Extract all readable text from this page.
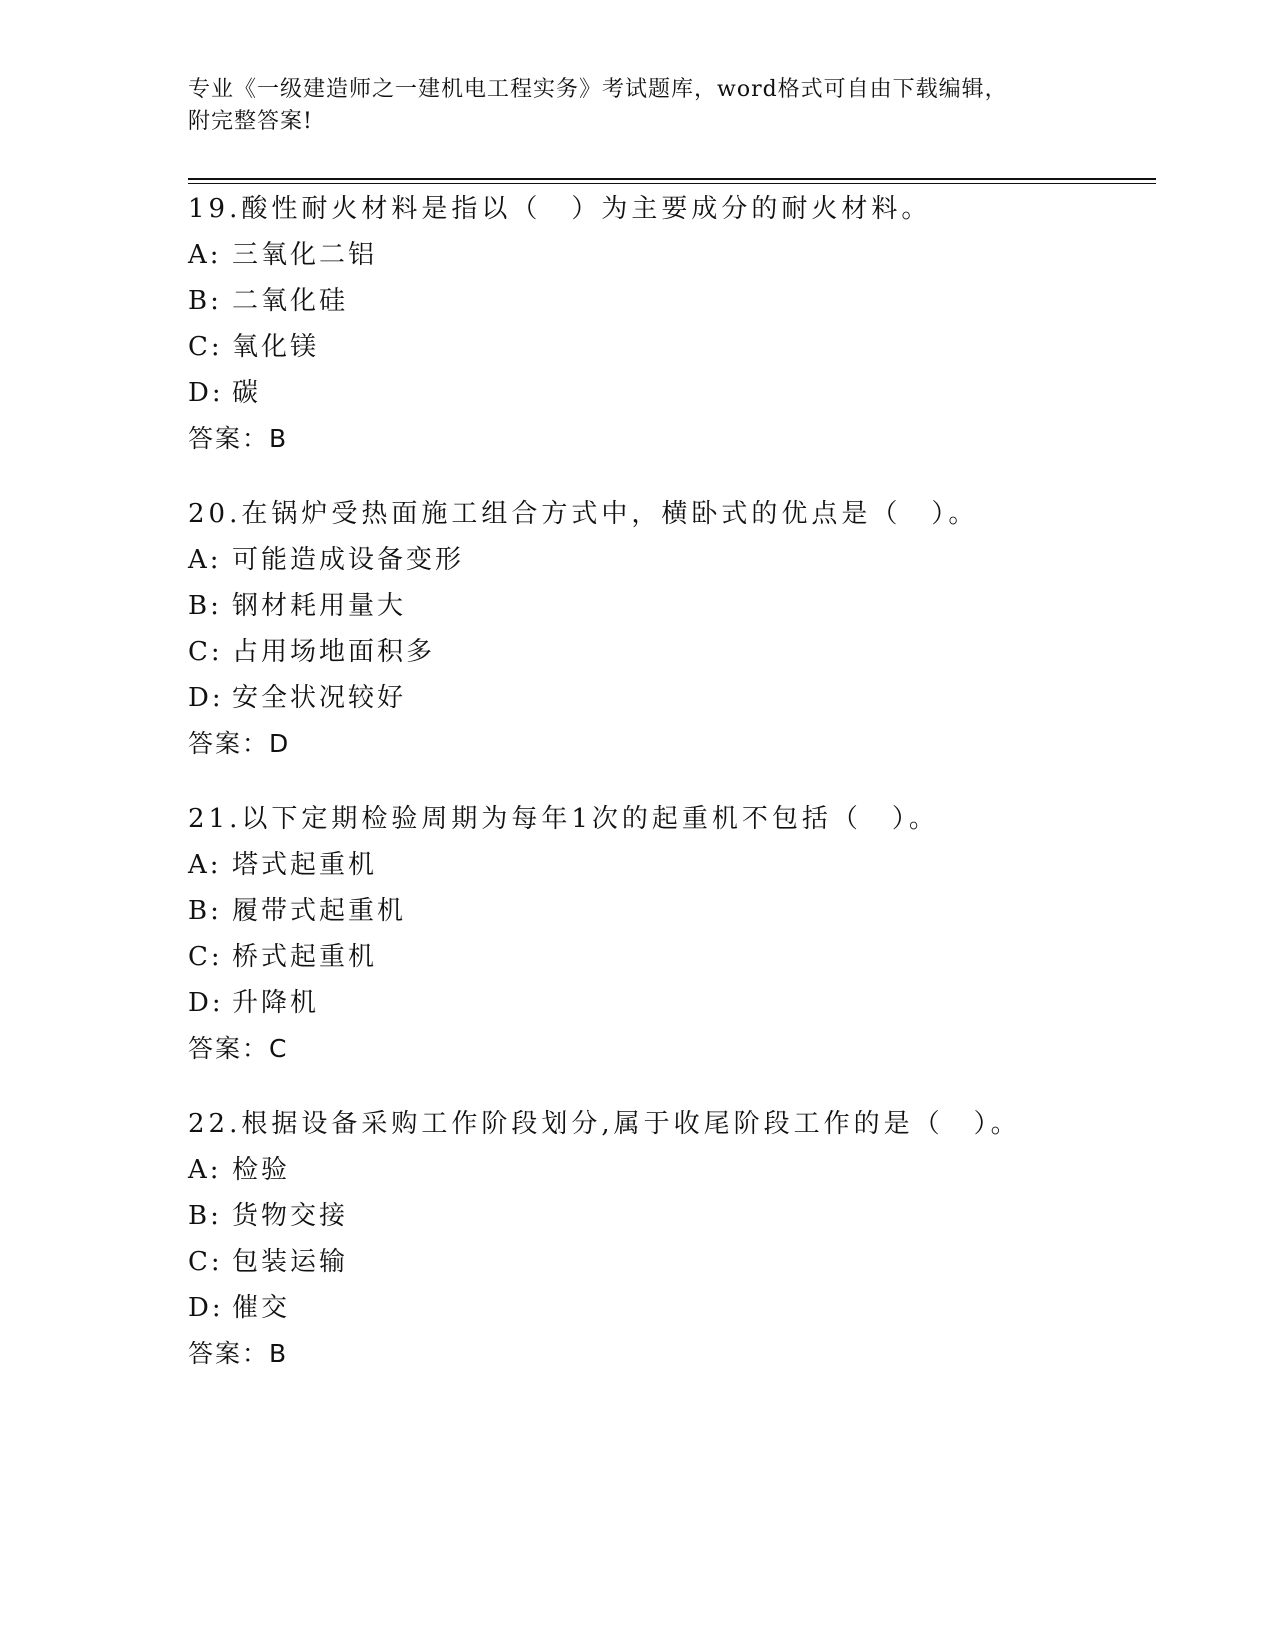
专业《一级建造师之一建机电工程实务》考试题库，word格式可自由下载编辑，

附完整答案!

19.酸性耐火材料是指以（　）为主要成分的耐火材料。

A: 三氧化二铝

B: 二氧化硅

C: 氧化镁

D: 碳

答案：B

20.在锅炉受热面施工组合方式中，横卧式的优点是（　）。

A: 可能造成设备变形

B: 钢材耗用量大

C: 占用场地面积多

D: 安全状况较好

答案：D

21.以下定期检验周期为每年1次的起重机不包括（　）。

A: 塔式起重机

B: 履带式起重机

C: 桥式起重机

D: 升降机

答案：C

22.根据设备采购工作阶段划分,属于收尾阶段工作的是（　）。

A: 检验

B: 货物交接

C: 包装运输

D: 催交

答案：B
